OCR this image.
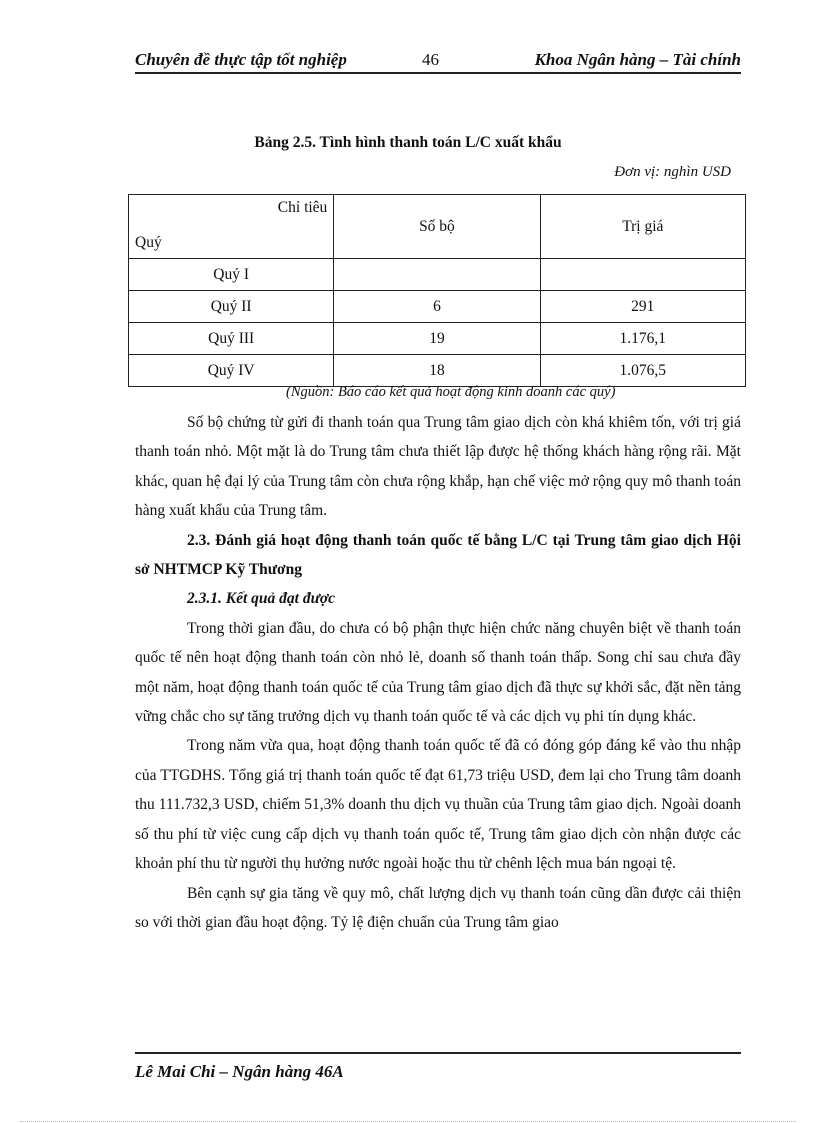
Chuyên đề thực tập tốt nghiệp	46	Khoa Ngân hàng – Tài chính
Bảng 2.5. Tình hình thanh toán L/C xuất khẩu
Đơn vị: nghìn USD
Chỉ tiêu
Quý	Số bộ	Trị giá
Quý I		
Quý II	6	291
Quý III	19	1.176,1
Quý IV	18	1.076,5
(Nguồn: Báo cáo kết quả hoạt động kinh doanh các quý)

Số bộ chứng từ gửi đi thanh toán qua Trung tâm giao dịch còn khá khiêm tốn, với trị giá thanh toán nhỏ. Một mặt là do Trung tâm chưa thiết lập được hệ thống khách hàng rộng rãi. Mặt khác, quan hệ đại lý của Trung tâm còn chưa rộng khắp, hạn chế việc mở rộng quy mô thanh toán hàng xuất khẩu của Trung tâm.

2.3. Đánh giá hoạt động thanh toán quốc tế bằng L/C tại Trung tâm giao dịch Hội sở NHTMCP Kỹ Thương

2.3.1. Kết quả đạt được

Trong thời gian đầu, do chưa có bộ phận thực hiện chức năng chuyên biệt về thanh toán quốc tế nên hoạt động thanh toán còn nhỏ lẻ, doanh số thanh toán thấp. Song chỉ sau chưa đầy một năm, hoạt động thanh toán quốc tế của Trung tâm giao dịch đã thực sự khởi sắc, đặt nền tảng vững chắc cho sự tăng trưởng dịch vụ thanh toán quốc tế và các dịch vụ phi tín dụng khác.

Trong năm vừa qua, hoạt động thanh toán quốc tế đã có đóng góp đáng kể vào thu nhập của TTGDHS. Tổng giá trị thanh toán quốc tế đạt 61,73 triệu USD, đem lại cho Trung tâm doanh thu 111.732,3 USD, chiếm 51,3% doanh thu dịch vụ thuần của Trung tâm giao dịch. Ngoài doanh số thu phí từ việc cung cấp dịch vụ thanh toán quốc tế, Trung tâm giao dịch còn nhận được các khoản phí thu từ người thụ hưởng nước ngoài hoặc thu từ chênh lệch mua bán ngoại tệ.

Bên cạnh sự gia tăng về quy mô, chất lượng dịch vụ thanh toán cũng dần được cải thiện so với thời gian đầu hoạt động. Tỷ lệ điện chuẩn của Trung tâm giao

Lê Mai Chi – Ngân hàng 46A
